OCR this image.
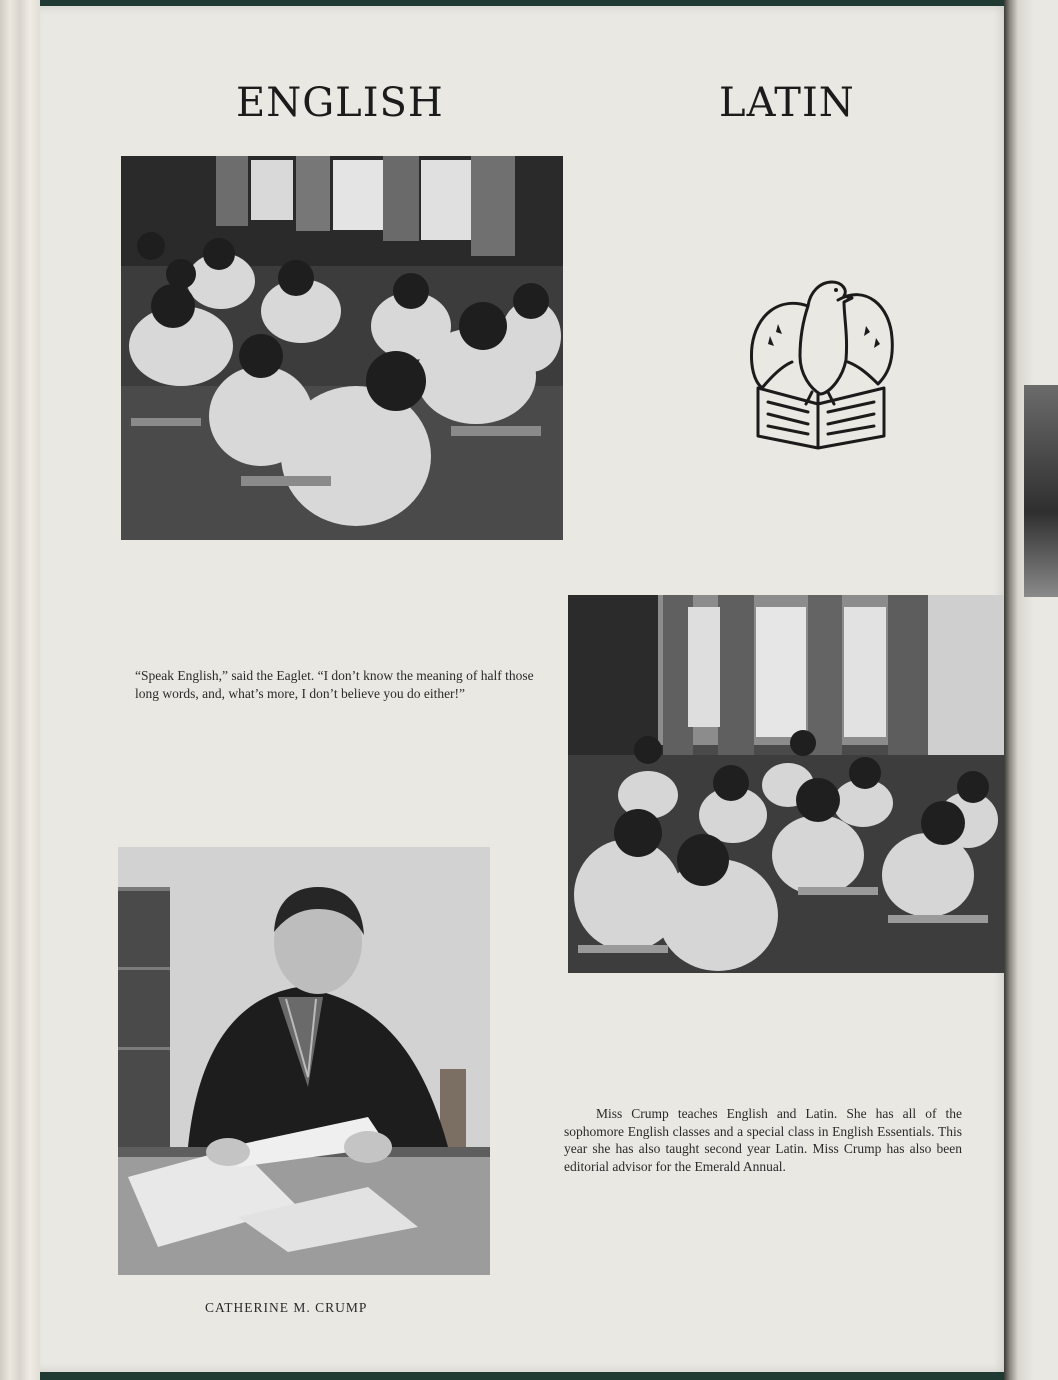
ENGLISH	LATIN
“Speak English,” said the Eaglet. “I don’t know the meaning of half those long words, and, what’s more, I don’t believe you do either!”
Miss Crump teaches English and Latin. She has all of the sophomore English classes and a special class in English Essentials. This year she has also taught second year Latin. Miss Crump has also been editorial advisor for the Emerald Annual.
CATHERINE M. CRUMP
